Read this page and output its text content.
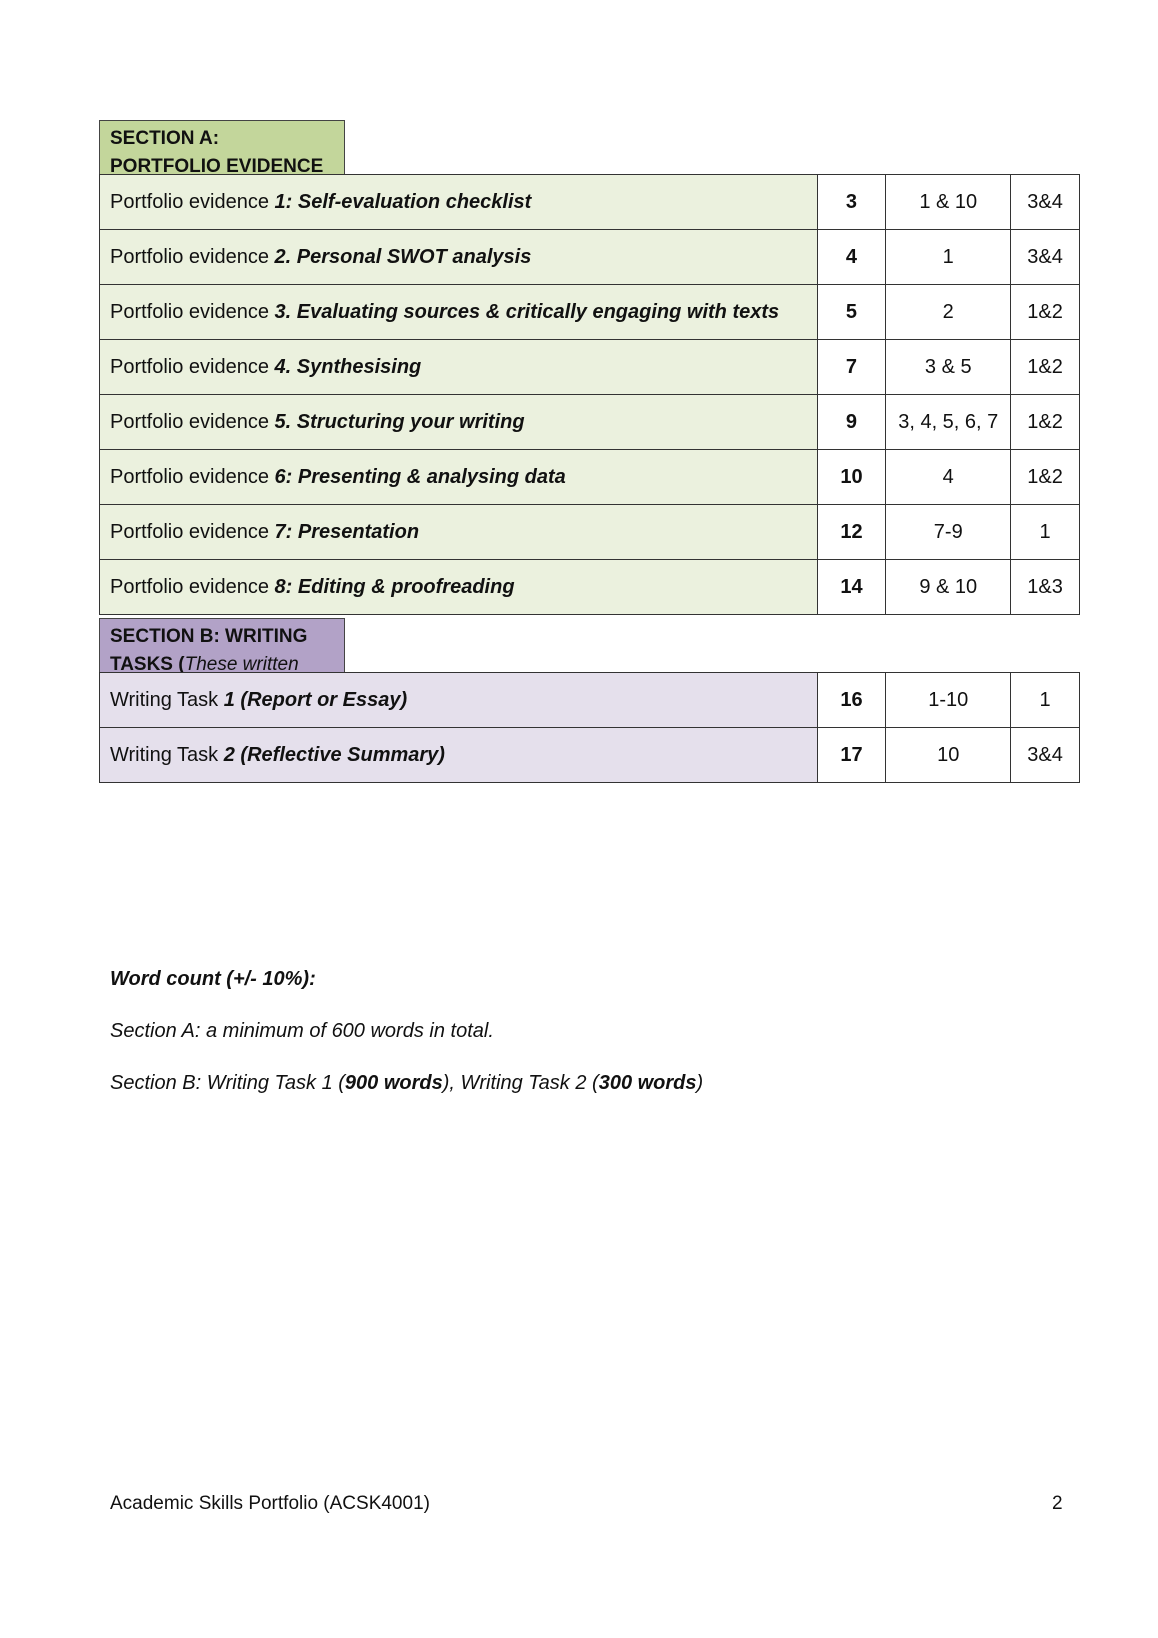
SECTION A:
PORTFOLIO EVIDENCE
Portfolio evidence 1: Self-evaluation checklist	3	1 & 10	3&4
Portfolio evidence 2. Personal SWOT analysis	4	1	3&4
Portfolio evidence 3. Evaluating sources & critically engaging with texts	5	2	1&2
Portfolio evidence 4. Synthesising	7	3 & 5	1&2
Portfolio evidence 5. Structuring your writing	9	3, 4, 5, 6, 7	1&2
Portfolio evidence 6: Presenting & analysing data	10	4	1&2
Portfolio evidence 7: Presentation	12	7-9	1
Portfolio evidence 8: Editing & proofreading	14	9 & 10	1&3
SECTION B: WRITING TASKS (These written
Writing Task 1 (Report or Essay)	16	1-10	1
Writing Task 2 (Reflective Summary)	17	10	3&4
Word count (+/- 10%):
Section A: a minimum of 600 words in total.
Section B: Writing Task 1 (900 words), Writing Task 2 (300 words)
Academic Skills Portfolio (ACSK4001)	2
